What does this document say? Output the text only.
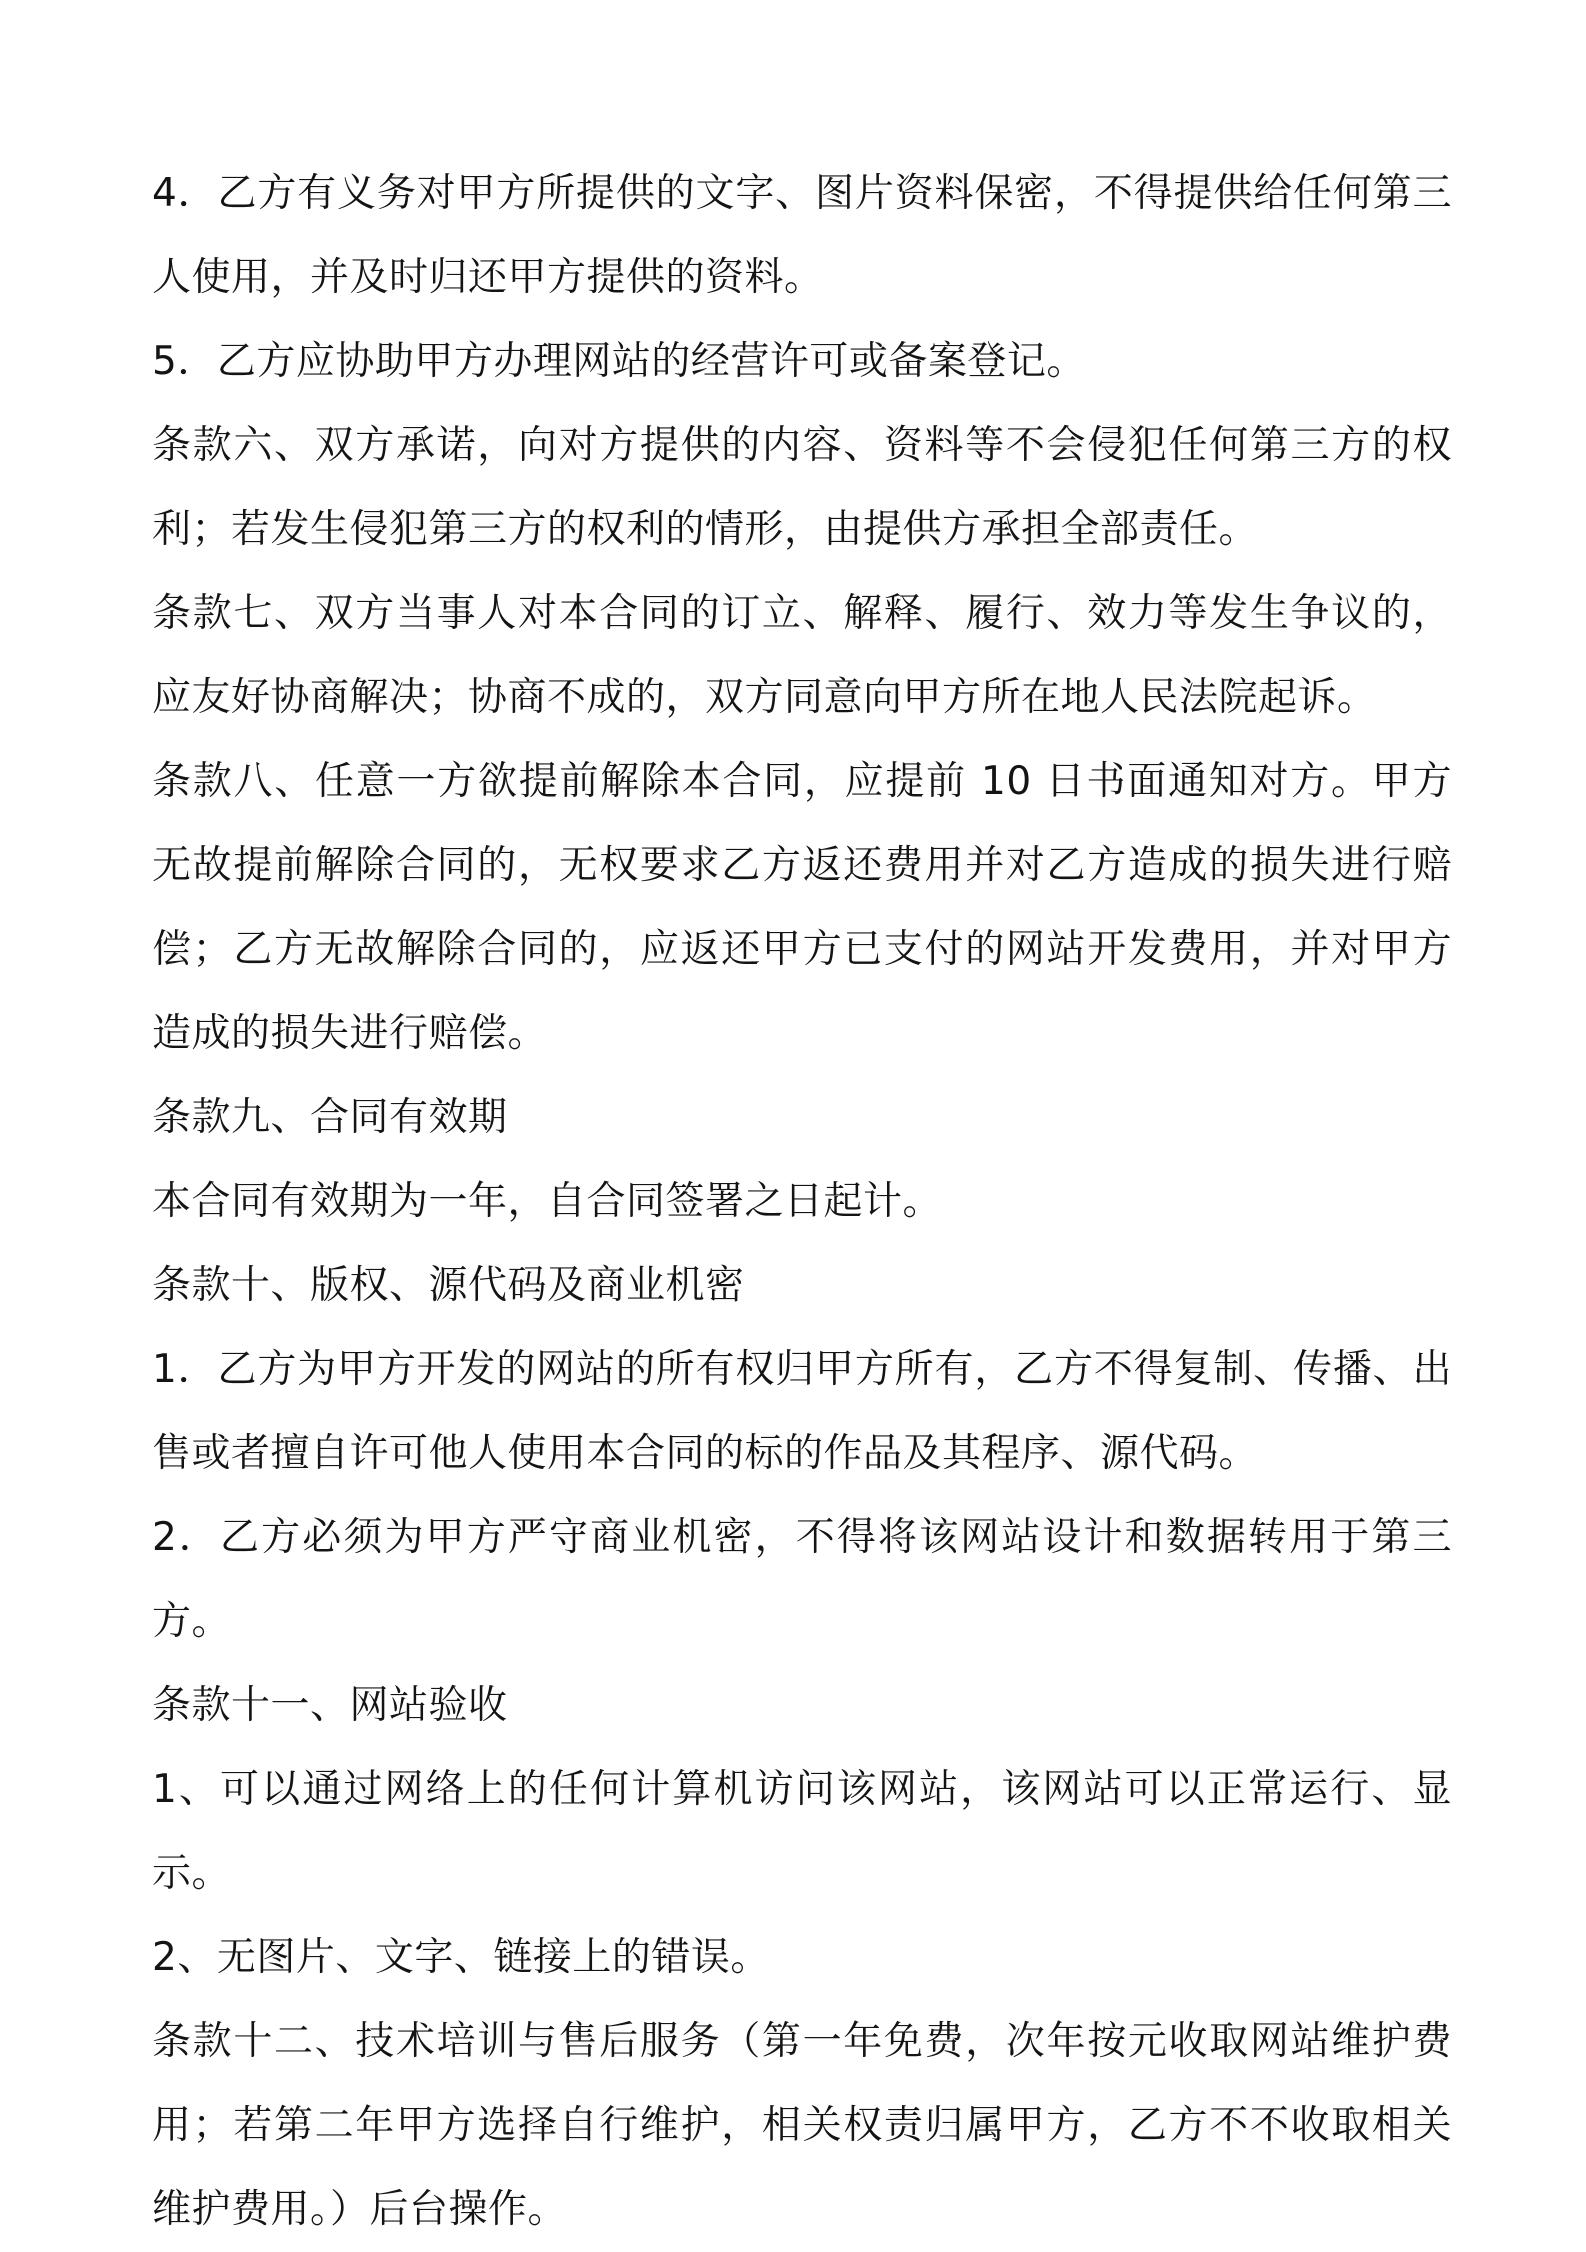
4．乙方有义务对甲方所提供的文字、图片资料保密，不得提供给任何第三人使用，并及时归还甲方提供的资料。

5．乙方应协助甲方办理网站的经营许可或备案登记。

条款六、双方承诺，向对方提供的内容、资料等不会侵犯任何第三方的权利；若发生侵犯第三方的权利的情形，由提供方承担全部责任。

条款七、双方当事人对本合同的订立、解释、履行、效力等发生争议的，应友好协商解决；协商不成的，双方同意向甲方所在地人民法院起诉。

条款八、任意一方欲提前解除本合同，应提前 10 日书面通知对方。甲方无故提前解除合同的，无权要求乙方返还费用并对乙方造成的损失进行赔偿；乙方无故解除合同的，应返还甲方已支付的网站开发费用，并对甲方造成的损失进行赔偿。

条款九、合同有效期

本合同有效期为一年，自合同签署之日起计。

条款十、版权、源代码及商业机密

1．乙方为甲方开发的网站的所有权归甲方所有，乙方不得复制、传播、出售或者擅自许可他人使用本合同的标的作品及其程序、源代码。

2．乙方必须为甲方严守商业机密，不得将该网站设计和数据转用于第三方。

条款十一、网站验收

1、可以通过网络上的任何计算机访问该网站，该网站可以正常运行、显示。

2、无图片、文字、链接上的错误。

条款十二、技术培训与售后服务（第一年免费，次年按元收取网站维护费用；若第二年甲方选择自行维护，相关权责归属甲方，乙方不不收取相关维护费用。）后台操作。
